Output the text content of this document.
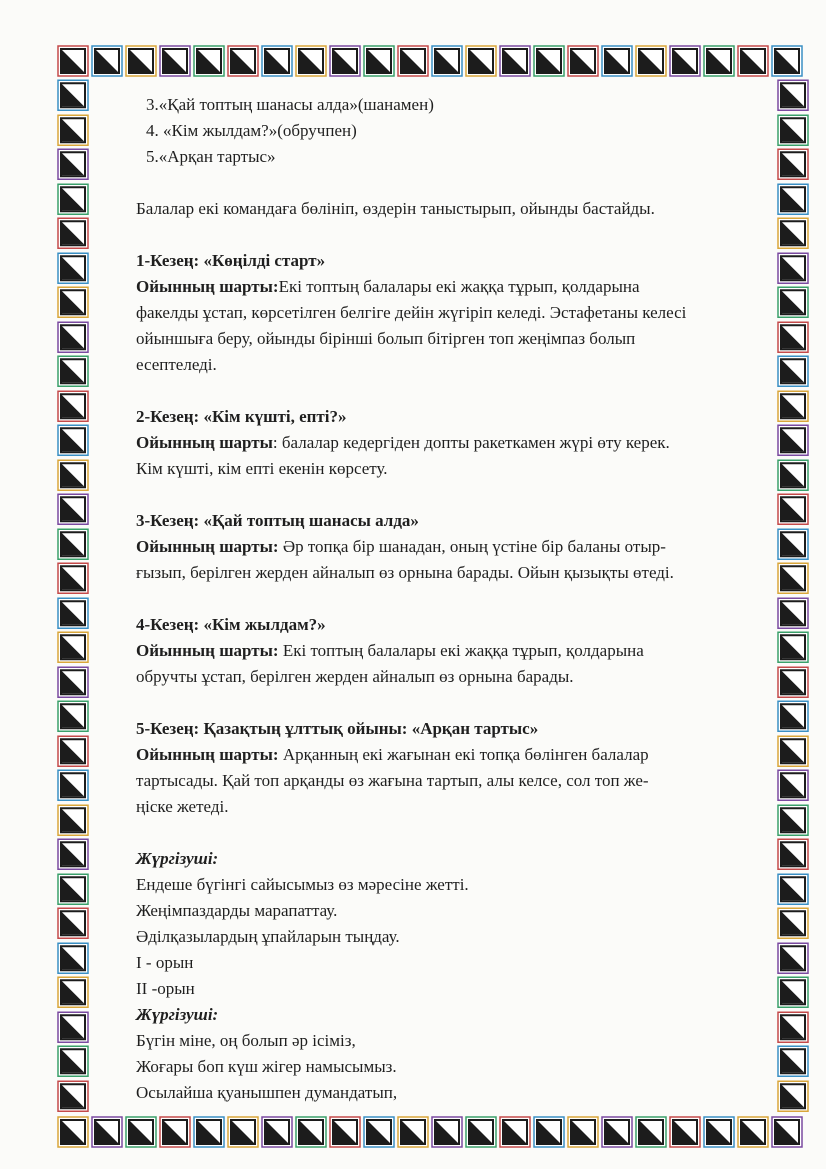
3.«Қай топтың шанасы алда»(шанамен)

4. «Кім жылдам?»(обручпен)

5.«Арқан тартыс»

Балалар екі командаға бөлініп, өздерін таныстырып, ойынды бастайды.

1-Кезең: «Көңілді старт»

Ойынның шарты:Екі топтың балалары екі жаққа тұрып, қолдарына

факелды ұстап, көрсетілген белгіге дейін жүгіріп келеді. Эстафетаны келесі

ойыншыға беру, ойынды бірінші болып бітірген топ жеңімпаз болып

есептеледі.

2-Кезең: «Кім күшті, епті?»

Ойынның шарты: балалар кедергіден допты ракеткамен жүрі өту керек.

Кім күшті, кім епті екенін көрсету.

3-Кезең: «Қай топтың шанасы алда»

Ойынның шарты: Әр топқа бір шанадан, оның үстіне бір баланы отыр-

ғызып, берілген жерден айналып өз орнына барады. Ойын қызықты өтеді.

4-Кезең: «Кім жылдам?»

Ойынның шарты: Екі топтың балалары екі жаққа тұрып, қолдарына

обручты ұстап, берілген жерден айналып өз орнына барады.

5-Кезең: Қазақтың ұлттық ойыны: «Арқан тартыс»

Ойынның шарты: Арқанның екі жағынан екі топқа бөлінген балалар

тартысады. Қай топ арқанды өз жағына тартып, алы келсе, сол топ же-

ңіске жетеді.

Жүргізуші:

Ендеше бүгінгі сайысымыз өз мәресіне жетті.

Жеңімпаздарды марапаттау.

Әділқазылардың ұпайларын тыңдау.

І - орын

ІІ -орын

Жүргізуші:

Бүгін міне, оң болып әр ісіміз,

Жоғары боп күш жігер намысымыз.

Осылайша қуанышпен думандатып,
